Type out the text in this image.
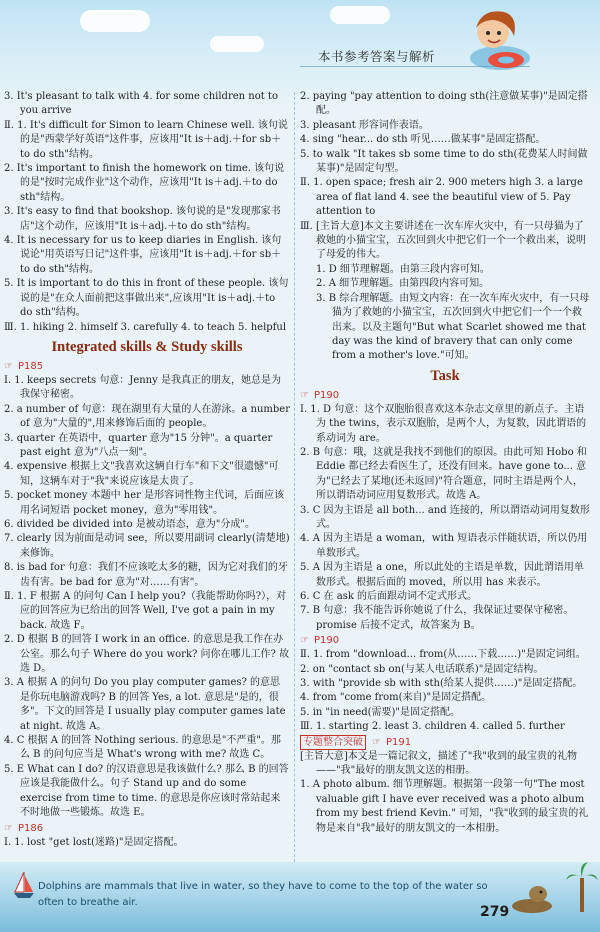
本书参考答案与解析

3. It's pleasant to talk with 4. for some children not to you arrive

Ⅱ. 1. It's difficult for Simon to learn Chinese well. 该句说的是"西蒙学好英语"这件事，应该用"It is＋adj.＋for sb＋to do sth"结构。

2. It's important to finish the homework on time. 该句说的是"按时完成作业"这个动作，应该用"It is＋adj.＋to do sth"结构。

3. It's easy to find that bookshop. 该句说的是"发现那家书店"这个动作，应该用"It is＋adj.＋to do sth"结构。

4. It is necessary for us to keep diaries in English. 该句说论"用英语写日记"这件事，应该用"It is＋adj.＋for sb＋to do sth"结构。

5. It is important to do this in front of these people. 该句说的是"在众人面前把这事做出来",应该用"It is＋adj.＋to do sth"结构。

Ⅲ. 1. hiking 2. himself 3. carefully 4. to teach 5. helpful

Integrated skills & Study skills

☞ P185

Ⅰ. 1. keeps secrets 句意：Jenny 是我真正的朋友，她总是为我保守秘密。

2. a number of 句意：现在湖里有大量的人在游泳。a number of 意为"大量的",用来修饰后面的 people。

3. quarter 在英语中，quarter 意为"15 分钟"。a quarter past eight 意为"八点一刻"。

4. expensive 根据上文"我喜欢这辆自行车"和下文"很遗憾"可知，这辆车对于"我"来说应该是太贵了。

5. pocket money 本题中 her 是形容词性物主代词，后面应该用名词短语 pocket money，意为"零用钱"。

6. divided be divided into 是被动语态，意为"分成"。

7. clearly 因为前面是动词 see，所以要用副词 clearly(清楚地)来修饰。

8. is bad for 句意：我们不应该吃太多的糖，因为它对我们的牙齿有害。be bad for 意为"对……有害"。

Ⅱ. 1. F 根据 A 的问句 Can I help you?（我能帮助你吗?），对应的回答应为已给出的回答 Well, I've got a pain in my back. 故选 F。

2. D 根据 B 的回答 I work in an office. 的意思是我工作在办公室。那么句子 Where do you work? 问你在哪儿工作? 故选 D。

3. A 根据 A 的问句 Do you play computer games? 的意思是你玩电脑游戏吗? B 的回答 Yes, a lot. 意思是"是的，很多"。下文的回答是 I usually play computer games late at night. 故选 A。

4. C 根据 A 的回答 Nothing serious. 的意思是"不严重"。那么 B 的问句应当是 What's wrong with me? 故选 C。

5. E What can I do? 的汉语意思是我该做什么? 那么 B 的回答应该是我能做什么。句子 Stand up and do some exercise from time to time. 的意思是你应该时常站起来不时地做一些锻炼。故选 E。

☞ P186

Ⅰ. 1. lost "get lost(迷路)"是固定搭配。

2. paying "pay attention to doing sth(注意做某事)"是固定搭配。

3. pleasant 形容词作表语。

4. sing "hear... do sth 听见……做某事"是固定搭配。

5. to walk "It takes sb some time to do sth(花费某人时间做某事)"是固定句型。

Ⅱ. 1. open space; fresh air 2. 900 meters high 3. a large area of flat land 4. see the beautiful view of 5. Pay attention to

Ⅲ. [主旨大意]本文主要讲述在一次车库火灾中，有一只母猫为了救她的小猫宝宝，五次回到火中把它们一个一个救出来，说明了母爱的伟大。

1. D 细节理解题。由第三段内容可知。

2. A 细节理解题。由第四段内容可知。

3. B 综合理解题。由短文内容：在一次车库火灾中，有一只母猫为了救她的小猫宝宝，五次回到火中把它们一个一个救出来。以及主题句"But what Scarlet showed me that day was the kind of bravery that can only come from a mother's love."可知。

Task

☞ P190

Ⅰ. 1. D 句意：这个双胞胎很喜欢这本杂志文章里的新点子。主语为 the twins，表示双胞胎，是两个人，为复数，因此谓语的系动词为 are。

2. B 句意：哦，这就是我找不到他们的原因。由此可知 Hobo 和 Eddie 都已经去看医生了，还没有回来。have gone to... 意为"已经去了某地(还未返回)"符合题意，同时主语是两个人，所以谓语动词应用复数形式。故选 A。

3. C 因为主语是 all both... and 连接的，所以谓语动词用复数形式。

4. A 因为主语是 a woman，with 短语表示伴随状语，所以仍用单数形式。

5. A 因为主语是 a one，所以此处的主语是单数，因此谓语用单数形式。根据后面的 moved，所以用 has 来表示。

6. C 在 ask 的后面跟动词不定式形式。

7. B 句意：我不能告诉你她说了什么，我保证过要保守秘密。promise 后接不定式，故答案为 B。

☞ P190

Ⅱ. 1. from "download... from(从……下载……)"是固定词组。

2. on "contact sb on(与某人电话联系)"是固定结构。

3. with "provide sb with sth(给某人提供……)"是固定搭配。

4. from "come from(来自)"是固定搭配。

5. in "in need(需要)"是固定搭配。

Ⅲ. 1. starting 2. least 3. children 4. called 5. further

专题整合突破 ☞ P191

[主旨大意]本文是一篇记叙文，描述了"我"收到的最宝贵的礼物——"我"最好的朋友凯文送的相册。

1. A photo album. 细节理解题。根据第一段第一句"The most valuable gift I have ever received was a photo album from my best friend Kevin." 可知，"我"收到的最宝贵的礼物是来自"我"最好的朋友凯文的一本相册。

Dolphins are mammals that live in water, so they have to come to the top of the water so often to breathe air.
279
